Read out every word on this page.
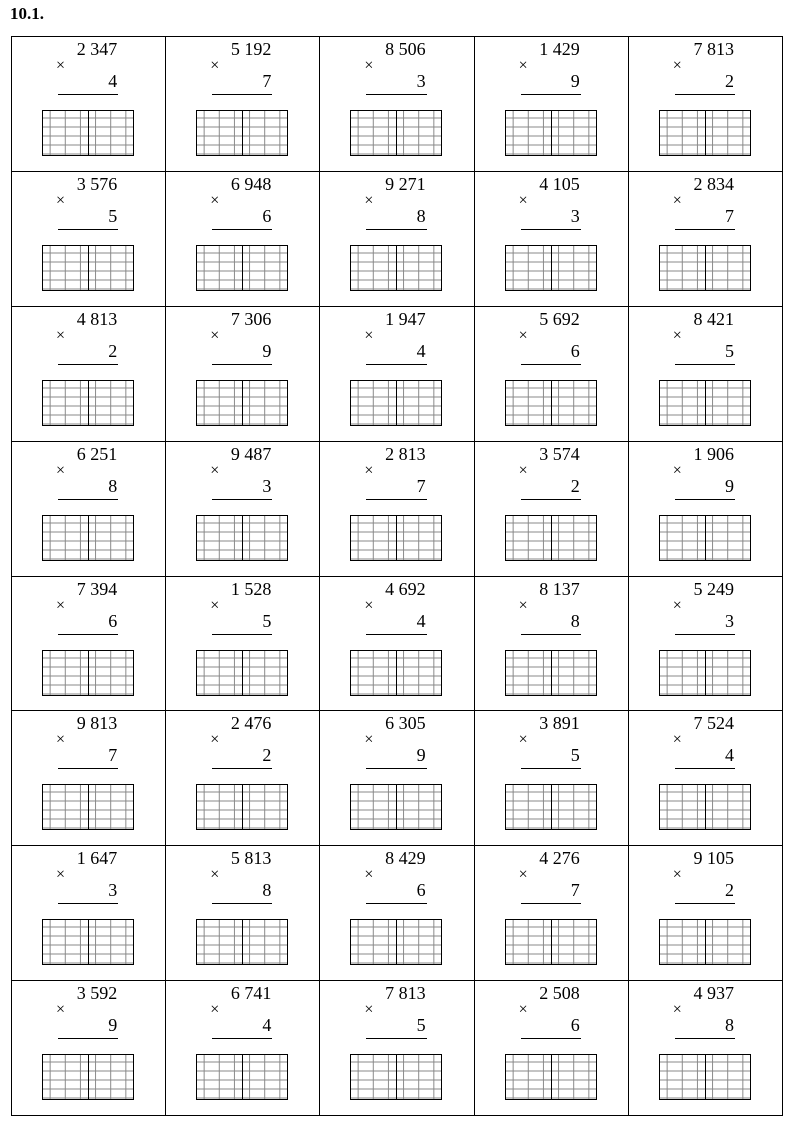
10.1.
2 347
×
4
5 192
×
7
8 506
×
3
1 429
×
9
7 813
×
2
3 576
×
5
6 948
×
6
9 271
×
8
4 105
×
3
2 834
×
7
4 813
×
2
7 306
×
9
1 947
×
4
5 692
×
6
8 421
×
5
6 251
×
8
9 487
×
3
2 813
×
7
3 574
×
2
1 906
×
9
7 394
×
6
1 528
×
5
4 692
×
4
8 137
×
8
5 249
×
3
9 813
×
7
2 476
×
2
6 305
×
9
3 891
×
5
7 524
×
4
1 647
×
3
5 813
×
8
8 429
×
6
4 276
×
7
9 105
×
2
3 592
×
9
6 741
×
4
7 813
×
5
2 508
×
6
4 937
×
8
